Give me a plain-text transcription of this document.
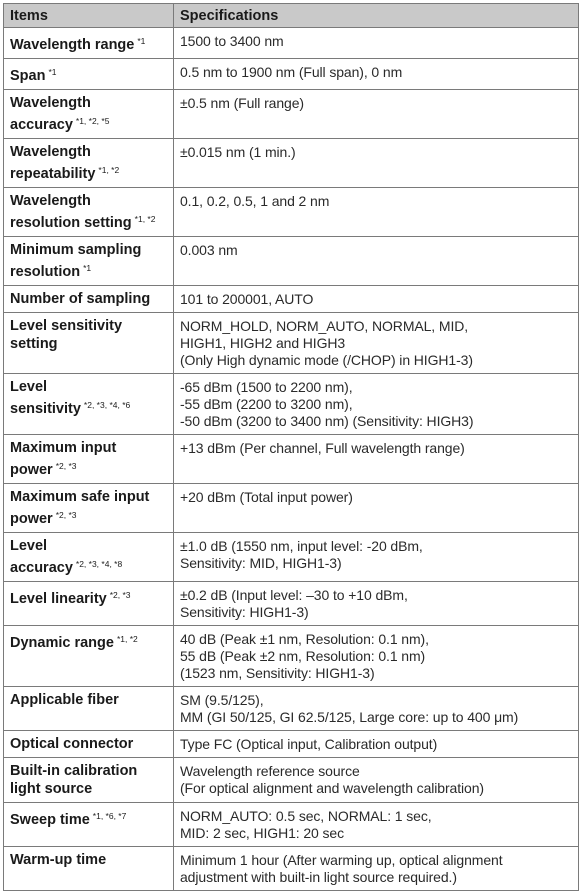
Items	Specifications

Wavelength range $^{*1}$	1500 to 3400 nm

Span $^{*1}$	0.5 nm to 1900 nm (Full span), 0 nm

Wavelength
accuracy $^{*1, *2, *5}$	±0.5 nm (Full range)

Wavelength
repeatability $^{*1, *2}$	±0.015 nm (1 min.)

Wavelength
resolution setting $^{*1, *2}$	0.1, 0.2, 0.5, 1 and 2 nm

Minimum sampling
resolution $^{*1}$	0.003 nm

Number of sampling	101 to 200001, AUTO

Level sensitivity
setting	NORM_HOLD, NORM_AUTO, NORMAL, MID,
HIGH1, HIGH2 and HIGH3
(Only High dynamic mode (/CHOP) in HIGH1-3)

Level
sensitivity $^{*2, *3, *4, *6}$	-65 dBm (1500 to 2200 nm),
-55 dBm (2200 to 3200 nm),
-50 dBm (3200 to 3400 nm) (Sensitivity: HIGH3)

Maximum input
power $^{*2, *3}$	+13 dBm (Per channel, Full wavelength range)

Maximum safe input
power $^{*2, *3}$	+20 dBm (Total input power)

Level
accuracy $^{*2, *3, *4, *8}$	±1.0 dB (1550 nm, input level: -20 dBm,
Sensitivity: MID, HIGH1-3)

Level linearity $^{*2, *3}$	±0.2 dB (Input level: –30 to +10 dBm,
Sensitivity: HIGH1-3)

Dynamic range $^{*1, *2}$	40 dB (Peak ±1 nm, Resolution: 0.1 nm),
55 dB (Peak ±2 nm, Resolution: 0.1 nm)
(1523 nm, Sensitivity: HIGH1-3)

Applicable fiber	SM (9.5/125),
MM (GI 50/125, GI 62.5/125, Large core: up to 400 μm)

Optical connector	Type FC (Optical input, Calibration output)

Built-in calibration
light source	Wavelength reference source
(For optical alignment and wavelength calibration)

Sweep time $^{*1, *6, *7}$	NORM_AUTO: 0.5 sec, NORMAL: 1 sec,
MID: 2 sec, HIGH1: 20 sec

Warm-up time	Minimum 1 hour (After warming up, optical alignment
adjustment with built-in light source required.)
